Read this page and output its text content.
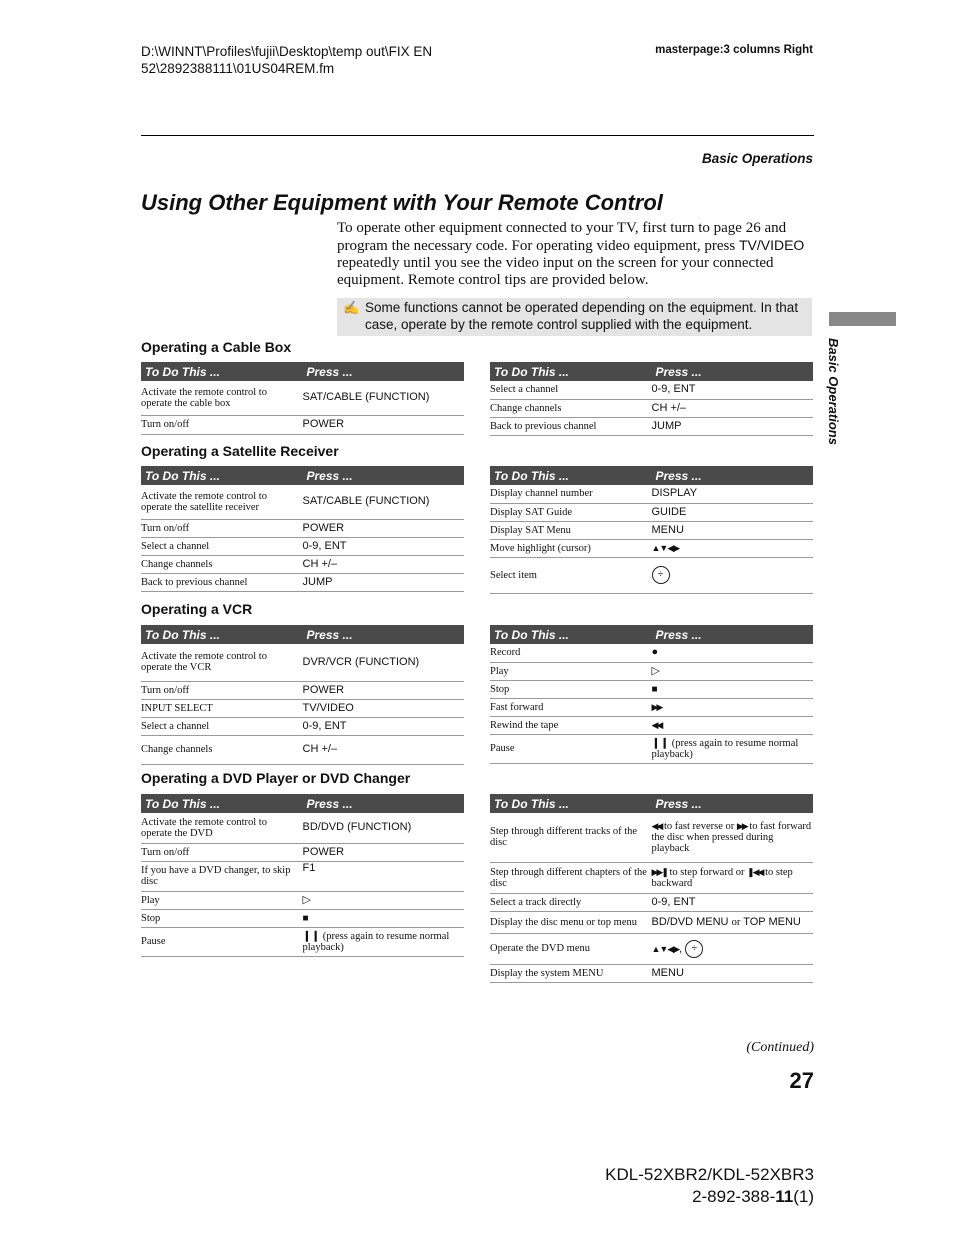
D:\WINNT\Profiles\fujii\Desktop\temp out\FIX EN
52\2892388111\01US04REM.fm
masterpage:3 columns Right
Basic Operations
Basic Operations
Using Other Equipment with Your Remote Control
To operate other equipment connected to your TV, first turn to page 26 and program the necessary code. For operating video equipment, press TV/VIDEO repeatedly until you see the video input on the screen for your connected equipment. Remote control tips are provided below.
✍ Some functions cannot be operated depending on the equipment. In that case, operate by the remote control supplied with the equipment.
Operating a Cable Box
To Do This ...	Press ...
Activate the remote control to operate the cable box	SAT/CABLE (FUNCTION)
Turn on/off	POWER
To Do This ...	Press ...
Select a channel	0-9, ENT
Change channels	CH +/–
Back to previous channel	JUMP
Operating a Satellite Receiver
To Do This ...	Press ...
Activate the remote control to operate the satellite receiver	SAT/CABLE (FUNCTION)
Turn on/off	POWER
Select a channel	0-9, ENT
Change channels	CH +/–
Back to previous channel	JUMP
To Do This ...	Press ...
Display channel number	DISPLAY
Display SAT Guide	GUIDE
Display SAT Menu	MENU
Move highlight (cursor)	▲▼◀▶
Select item	÷
Operating a VCR
To Do This ...	Press ...
Activate the remote control to operate the VCR	DVR/VCR (FUNCTION)
Turn on/off	POWER
INPUT SELECT	TV/VIDEO
Select a channel	0-9, ENT
Change channels	CH +/–
To Do This ...	Press ...
Record	●
Play	▷
Stop	■
Fast forward	▶▶
Rewind the tape	◀◀
Pause	❙❙ (press again to resume normal playback)
Operating a DVD Player or DVD Changer
To Do This ...	Press ...
Activate the remote control to operate the DVD	BD/DVD (FUNCTION)
Turn on/off	POWER
If you have a DVD changer, to skip disc	F1
Play	▷
Stop	■
Pause	❙❙ (press again to resume normal playback)
To Do This ...	Press ...
Step through different tracks of the disc	◀◀ to fast reverse or ▶▶ to fast forward the disc when pressed during playback
Step through different chapters of the disc	▶▶❚ to step forward or ❚◀◀ to step backward
Select a track directly	0-9, ENT
Display the disc menu or top menu	BD/DVD MENU or TOP MENU
Operate the DVD menu	▲▼◀▶, ÷
Display the system MENU	MENU
(Continued)
27
KDL-52XBR2/KDL-52XBR3
2-892-388-11(1)
